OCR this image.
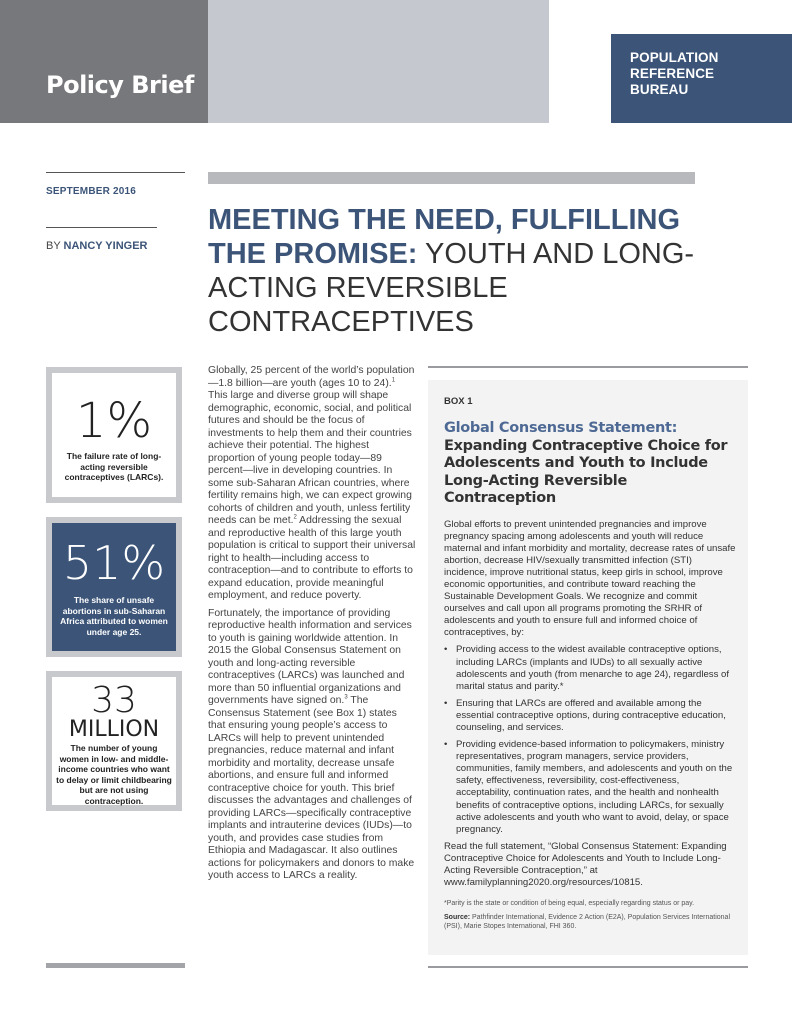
Policy Brief
POPULATION
REFERENCE
BUREAU
SEPTEMBER 2016
BY NANCY YINGER
MEETING THE NEED, FULFILLING
THE PROMISE: YOUTH AND LONG-
ACTING REVERSIBLE CONTRACEPTIVES
1%
The failure rate of long-acting reversible contraceptives (LARCs).
51%
The share of unsafe abortions in sub-Saharan Africa attributed to women under age 25.
33
MILLION
The number of young women in low- and middle-income countries who want to delay or limit childbearing but are not using contraception.

Globally, 25 percent of the world’s population—1.8 billion—are youth (ages 10 to 24).$^1$ This large and diverse group will shape demographic, economic, social, and political futures and should be the focus of investments to help them and their countries achieve their potential. The highest proportion of young people today—89 percent—live in developing countries. In some sub-Saharan African countries, where fertility remains high, we can expect growing cohorts of children and youth, unless fertility needs can be met.$^2$ Addressing the sexual and reproductive health of this large youth population is critical to support their universal right to health—including access to contraception—and to contribute to efforts to expand education, provide meaningful employment, and reduce poverty.

Fortunately, the importance of providing reproductive health information and services to youth is gaining worldwide attention. In 2015 the Global Consensus Statement on youth and long-acting reversible contraceptives (LARCs) was launched and more than 50 influential organizations and governments have signed on.$^3$ The Consensus Statement (see Box 1) states that ensuring young people’s access to LARCs will help to prevent unintended pregnancies, reduce maternal and infant morbidity and mortality, decrease unsafe abortions, and ensure full and informed contraceptive choice for youth. This brief discusses the advantages and challenges of providing LARCs—specifically contraceptive implants and intrauterine devices (IUDs)—to youth, and provides case studies from Ethiopia and Madagascar. It also outlines actions for policymakers and donors to make youth access to LARCs a reality.

BOX 1
Global Consensus Statement:
Expanding Contraceptive Choice for Adolescents and Youth to Include Long-Acting Reversible Contraception

Global efforts to prevent unintended pregnancies and improve pregnancy spacing among adolescents and youth will reduce maternal and infant morbidity and mortality, decrease rates of unsafe abortion, decrease HIV/sexually transmitted infection (STI) incidence, improve nutritional status, keep girls in school, improve economic opportunities, and contribute toward reaching the Sustainable Development Goals. We recognize and commit ourselves and call upon all programs promoting the SRHR of adolescents and youth to ensure full and informed choice of contraceptives, by:

• Providing access to the widest available contraceptive options, including LARCs (implants and IUDs) to all sexually active adolescents and youth (from menarche to age 24), regardless of marital status and parity.*
• Ensuring that LARCs are offered and available among the essential contraceptive options, during contraceptive education, counseling, and services.
• Providing evidence-based information to policymakers, ministry representatives, program managers, service providers, communities, family members, and adolescents and youth on the safety, effectiveness, reversibility, cost-effectiveness, acceptability, continuation rates, and the health and nonhealth benefits of contraceptive options, including LARCs, for sexually active adolescents and youth who want to avoid, delay, or space pregnancy.

Read the full statement, “Global Consensus Statement: Expanding Contraceptive Choice for Adolescents and Youth to Include Long-Acting Reversible Contraception,” at www.familyplanning2020.org/resources/10815.

*Parity is the state or condition of being equal, especially regarding status or pay.

Source: Pathfinder International, Evidence 2 Action (E2A), Population Services International (PSI), Marie Stopes International, FHI 360.
